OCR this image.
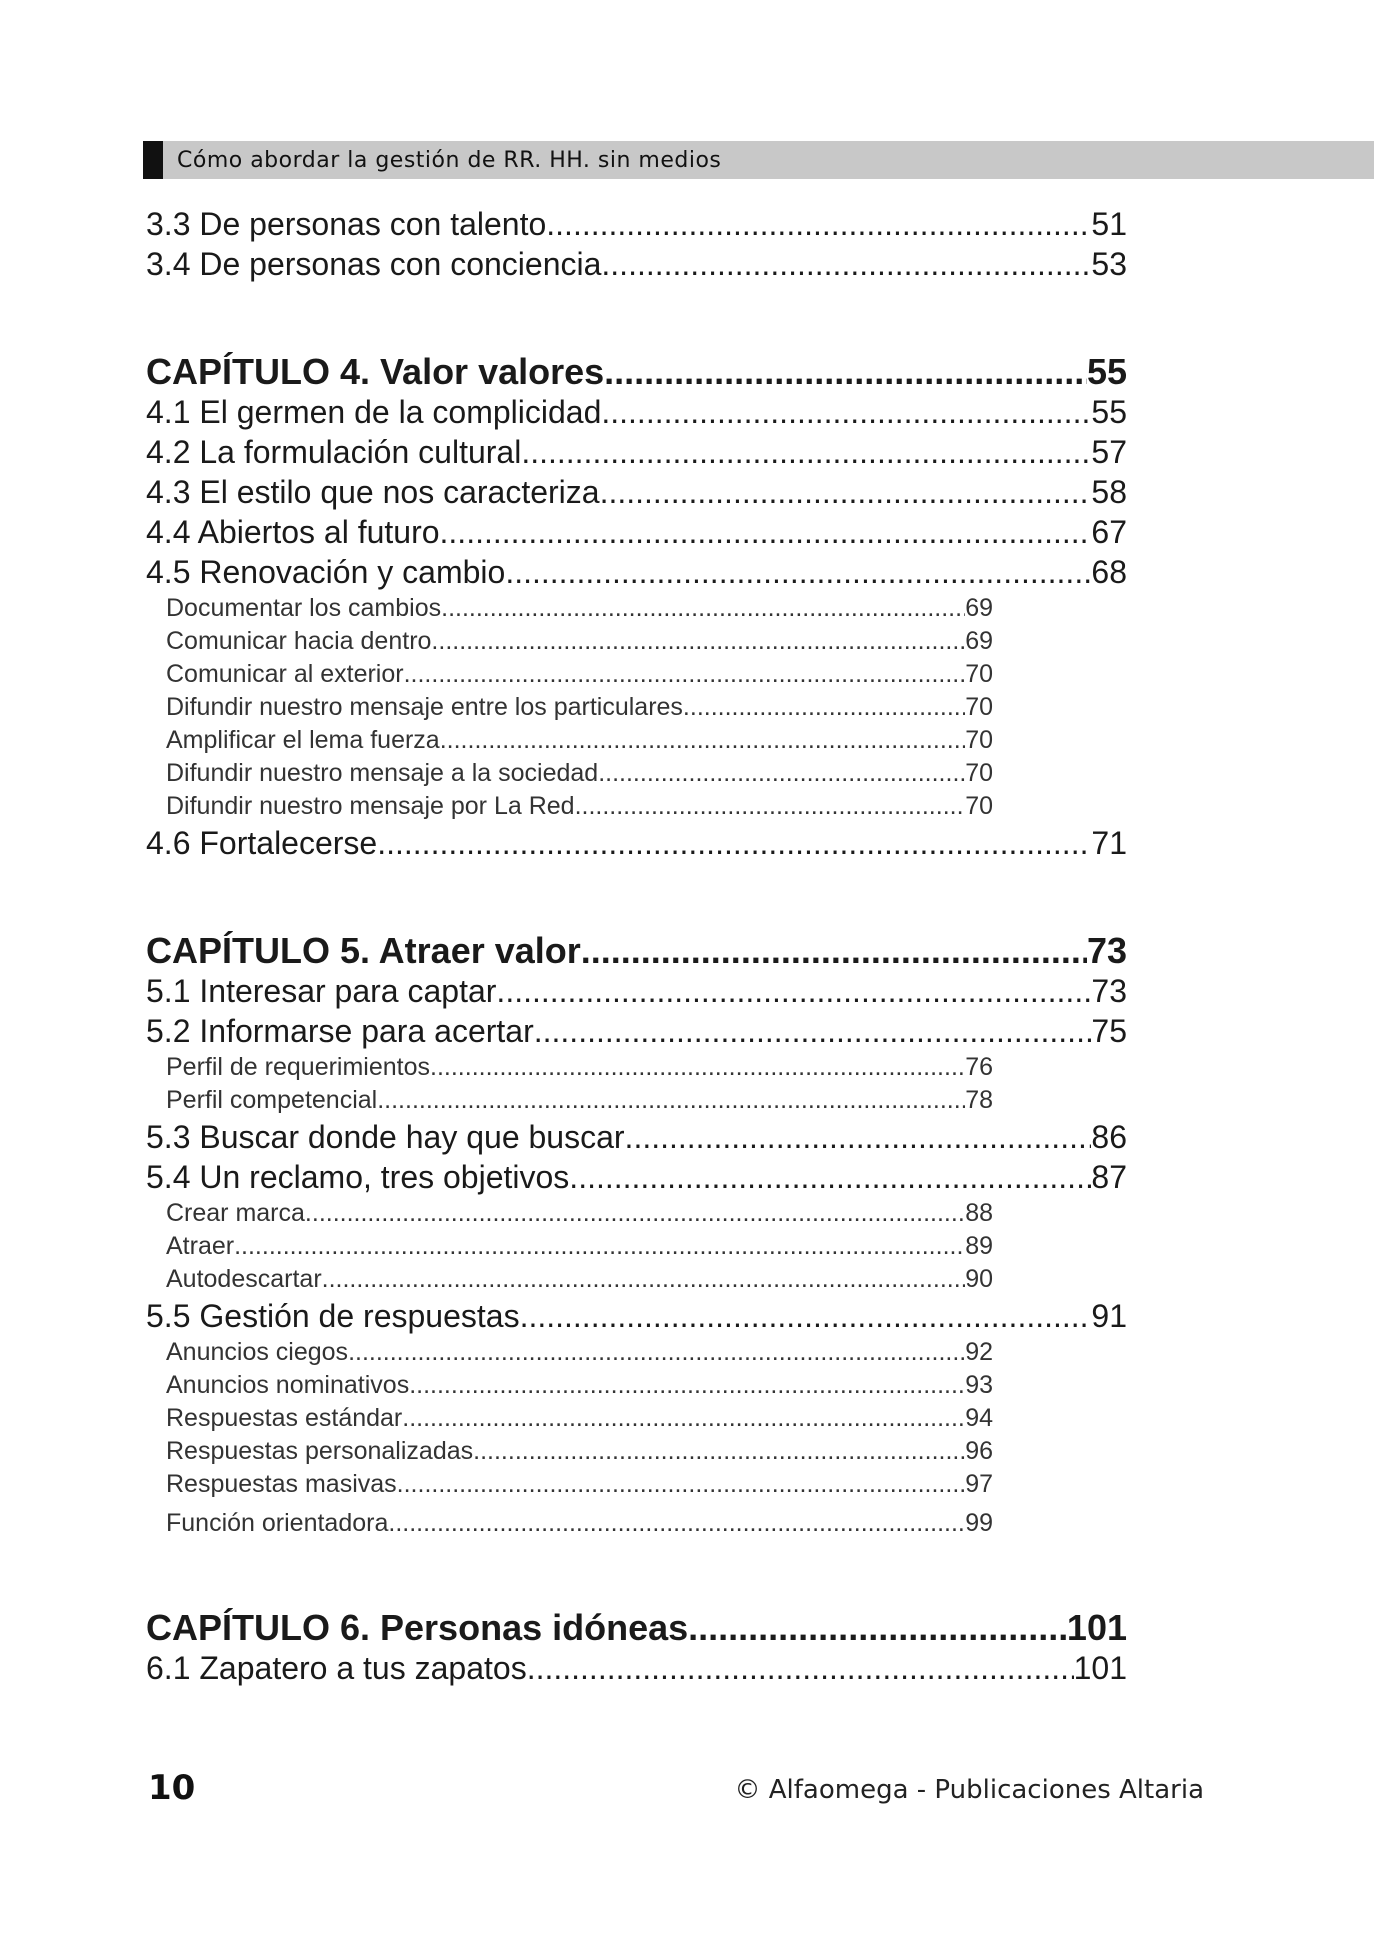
Cómo abordar la gestión de RR. HH. sin medios
3.3 De personas con talento .....	51
3.4 De personas con conciencia .....	53
CAPÍTULO 4. Valor valores .....	55
4.1 El germen de la complicidad .....	55
4.2 La formulación cultural .....	57
4.3 El estilo que nos caracteriza .....	58
4.4 Abiertos al futuro .....	67
4.5 Renovación y cambio .....	68
Documentar los cambios .....	69
Comunicar hacia dentro .....	69
Comunicar al exterior .....	70
Difundir nuestro mensaje entre los particulares .....	70
Amplificar el lema fuerza .....	70
Difundir nuestro mensaje a la sociedad .....	70
Difundir nuestro mensaje por La Red .....	70
4.6 Fortalecerse .....	71
CAPÍTULO 5. Atraer valor .....	73
5.1 Interesar para captar .....	73
5.2 Informarse para acertar .....	75
Perfil de requerimientos .....	76
Perfil competencial .....	78
5.3 Buscar donde hay que buscar .....	86
5.4 Un reclamo, tres objetivos .....	87
Crear marca .....	88
Atraer .....	89
Autodescartar .....	90
5.5 Gestión de respuestas .....	91
Anuncios ciegos .....	92
Anuncios nominativos .....	93
Respuestas estándar .....	94
Respuestas personalizadas .....	96
Respuestas masivas .....	97
Función orientadora .....	99
CAPÍTULO 6. Personas idóneas .....	101
6.1 Zapatero a tus zapatos .....	101
10	© Alfaomega - Publicaciones Altaria
